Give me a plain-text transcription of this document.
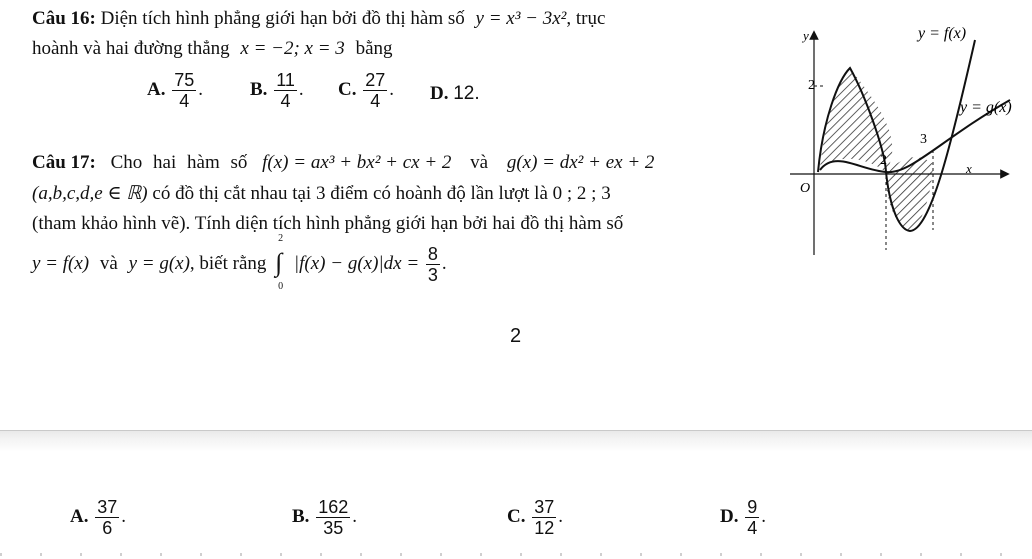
Câu 16: Diện tích hình phẳng giới hạn bởi đồ thị hàm số y = x³ − 3x², trục
hoành và hai đường thẳng x = −2; x = 3 bằng
A. $\frac{75}{4}$ . B. $\frac{11}{4}$ . C. $\frac{27}{4}$ . D. 12.
Câu 17: Cho hai hàm số f(x) = ax³ + bx² + cx + 2 và g(x) = dx² + ex + 2
(a,b,c,d,e ∈ ℝ) có đồ thị cắt nhau tại 3 điểm có hoành độ lần lượt là 0 ; 2 ; 3
(tham khảo hình vẽ). Tính diện tích hình phẳng giới hạn bởi hai đồ thị hàm số
y = f(x) và y = g(x), biết rằng
2
∫
0
$|f(x) - g(x)|dx = \frac{8}{3}$ .
2
A. $\frac{37}{6}$ .	B. $\frac{162}{35}$ .	C. $\frac{37}{12}$ .	D. $\frac{9}{4}$ .
y
x
O
2
2
3
y = f(x)
y = g(x)
